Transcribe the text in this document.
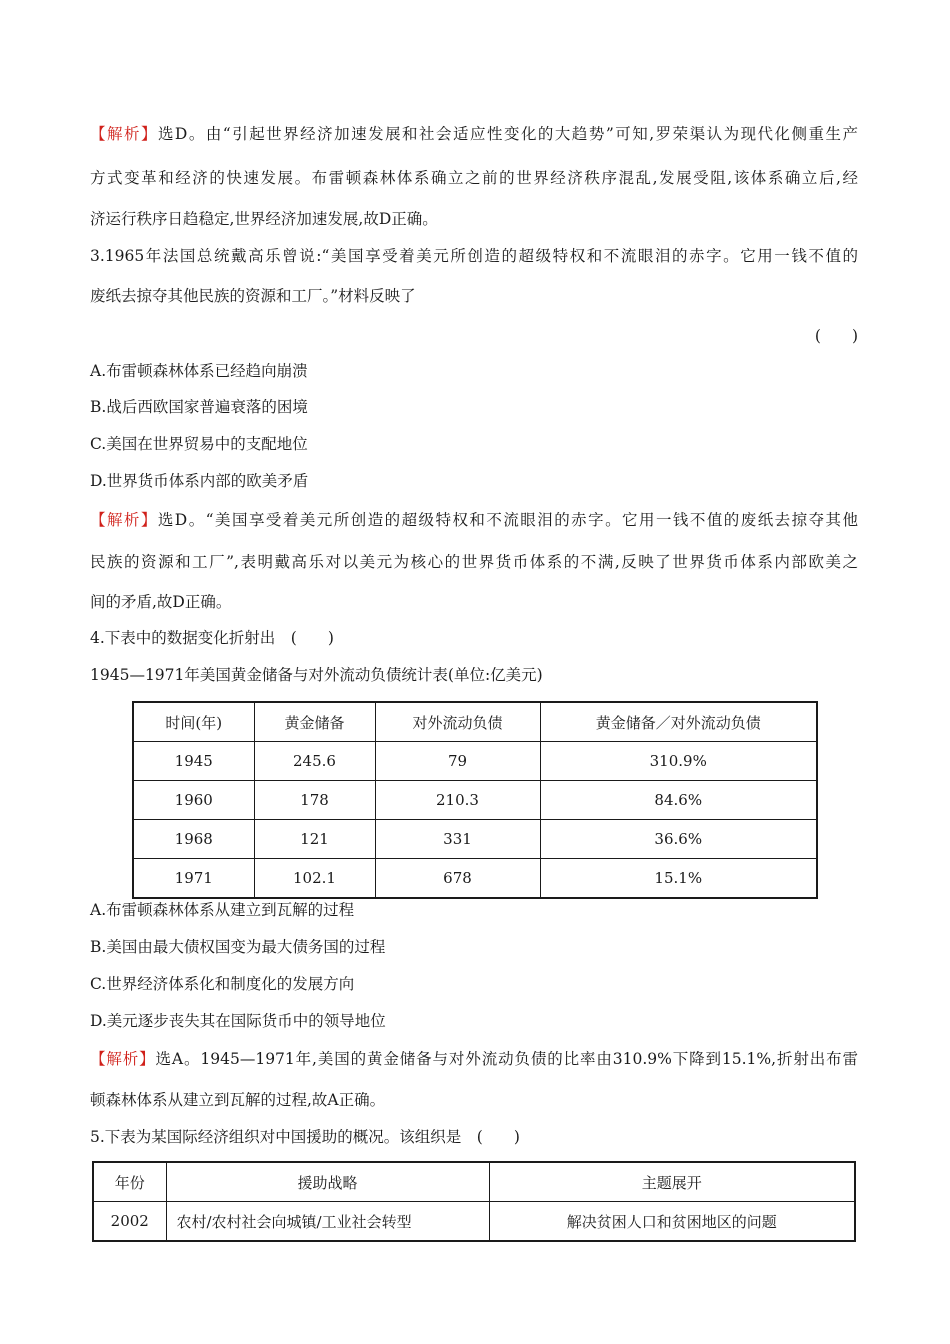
【解析】选D。由“引起世界经济加速发展和社会适应性变化的大趋势”可知,罗荣渠认为现代化侧重生产
方式变革和经济的快速发展。布雷顿森林体系确立之前的世界经济秩序混乱,发展受阻,该体系确立后,经
济运行秩序日趋稳定,世界经济加速发展,故D正确。
3.1965年法国总统戴高乐曾说:“美国享受着美元所创造的超级特权和不流眼泪的赤字。它用一钱不值的
废纸去掠夺其他民族的资源和工厂。”材料反映了
(　　)
A.布雷顿森林体系已经趋向崩溃
B.战后西欧国家普遍衰落的困境
C.美国在世界贸易中的支配地位
D.世界货币体系内部的欧美矛盾
【解析】选D。“美国享受着美元所创造的超级特权和不流眼泪的赤字。它用一钱不值的废纸去掠夺其他
民族的资源和工厂”,表明戴高乐对以美元为核心的世界货币体系的不满,反映了世界货币体系内部欧美之
间的矛盾,故D正确。
4.下表中的数据变化折射出　(　　)
1945—1971年美国黄金储备与对外流动负债统计表(单位:亿美元)
时间(年)	黄金储备	对外流动负债	黄金储备／对外流动负债
1945	245.6	79	310.9%
1960	178	210.3	84.6%
1968	121	331	36.6%
1971	102.1	678	15.1%
A.布雷顿森林体系从建立到瓦解的过程
B.美国由最大债权国变为最大债务国的过程
C.世界经济体系化和制度化的发展方向
D.美元逐步丧失其在国际货币中的领导地位
【解析】选A。1945—1971年,美国的黄金储备与对外流动负债的比率由310.9%下降到15.1%,折射出布雷
顿森林体系从建立到瓦解的过程,故A正确。
5.下表为某国际经济组织对中国援助的概况。该组织是　(　　)
年份	援助战略	主题展开
2002	农村/农村社会向城镇/工业社会转型	解决贫困人口和贫困地区的问题
